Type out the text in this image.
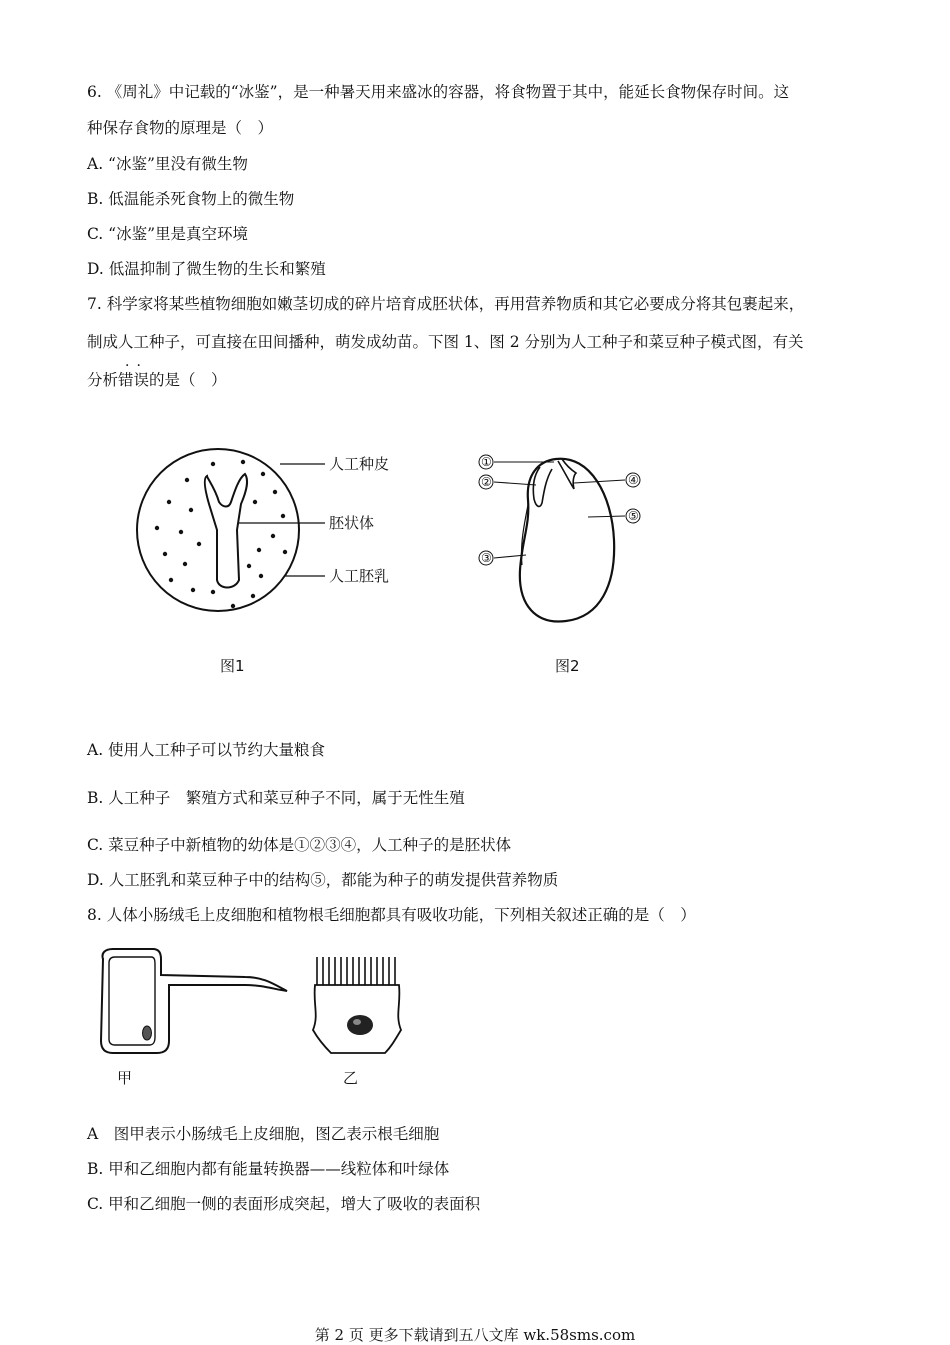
6. 《周礼》中记载的“冰鉴”，是一种暑天用来盛冰的容器，将食物置于其中，能延长食物保存时间。这
种保存食物的原理是（　）
A. “冰鉴”里没有微生物
B. 低温能杀死食物上的微生物
C. “冰鉴”里是真空环境
D. 低温抑制了微生物的生长和繁殖
7. 科学家将某些植物细胞如嫩茎切成的碎片培育成胚状体，再用营养物质和其它必要成分将其包裹起来，
制成人工种子，可直接在田间播种，萌发成幼苗。下图 1、图 2 分别为人工种子和菜豆种子模式图，有关
··
分析错误的是（　）
人工种皮
胚状体
人工胚乳
图1
①
②
③
④
⑤
图2
A. 使用人工种子可以节约大量粮食
B. 人工种子　繁殖方式和菜豆种子不同，属于无性生殖
C. 菜豆种子中新植物的幼体是①②③④，人工种子的是胚状体
D. 人工胚乳和菜豆种子中的结构⑤，都能为种子的萌发提供营养物质
8. 人体小肠绒毛上皮细胞和植物根毛细胞都具有吸收功能，下列相关叙述正确的是（　）
甲	乙
A　图甲表示小肠绒毛上皮细胞，图乙表示根毛细胞
B. 甲和乙细胞内都有能量转换器——线粒体和叶绿体
C. 甲和乙细胞一侧的表面形成突起，增大了吸收的表面积
第 2 页 更多下载请到五八文库 wk.58sms.com
